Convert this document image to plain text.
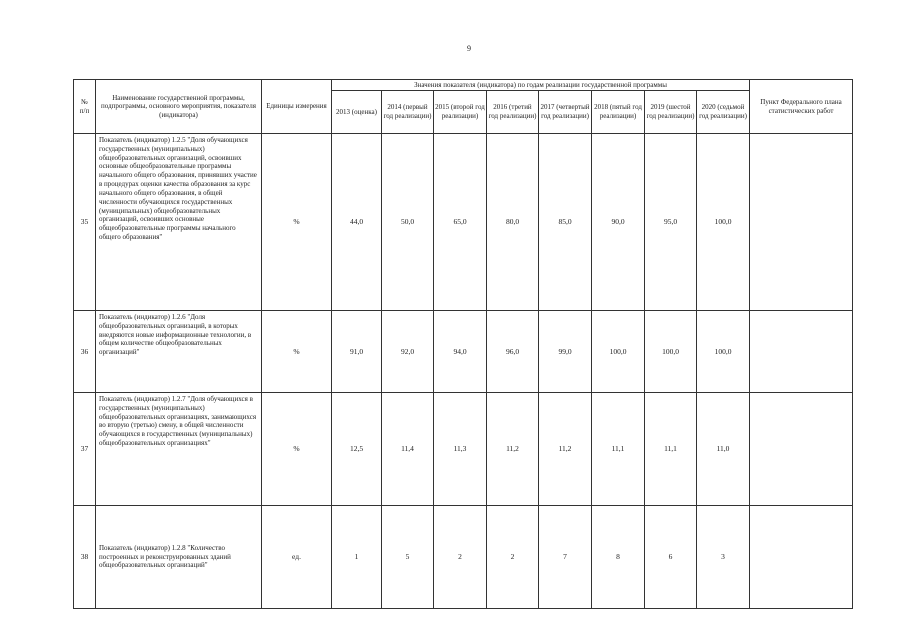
9
№ п/п	Наименование государственной программы, подпрограммы, основного мероприятия, показателя (индикатора)	Единицы измерения	Значения показателя (индикатора) по годам реализации государственной программы								Пункт Федерального плана статистических работ
			2013 (оценка)	2014 (первый год реализации)	2015 (второй год реализации)	2016 (третий год реализации)	2017 (четвертый год реализации)	2018 (пятый год реализации)	2019 (шестой год реализации)	2020 (седьмой год реализации)	
35	Показатель (индикатор) 1.2.5 "Доля обучающихся государственных (муниципальных) общеобразовательных организаций, освоивших основные общеобразовательные программы начального общего образования, принявших участие в процедурах оценки качества образования за курс начального общего образования, в общей численности обучающихся государственных (муниципальных) общеобразовательных организаций, освоивших основные общеобразовательные программы начального общего образования"	%	44,0	50,0	65,0	80,0	85,0	90,0	95,0	100,0	
36	Показатель (индикатор) 1.2.6 "Доля общеобразовательных организаций, в которых внедряются новые информационные технологии, в общем количестве общеобразовательных организаций"	%	91,0	92,0	94,0	96,0	99,0	100,0	100,0	100,0	
37	Показатель (индикатор) 1.2.7 "Доля обучающихся в государственных (муниципальных) общеобразовательных организациях, занимающихся во вторую (третью) смену, в общей численности обучающихся в государственных (муниципальных) общеобразовательных организациях"	%	12,5	11,4	11,3	11,2	11,2	11,1	11,1	11,0	
38	Показатель (индикатор) 1.2.8 "Количество построенных и реконструированных зданий общеобразовательных организаций"	ед.	1	5	2	2	7	8	6	3	
